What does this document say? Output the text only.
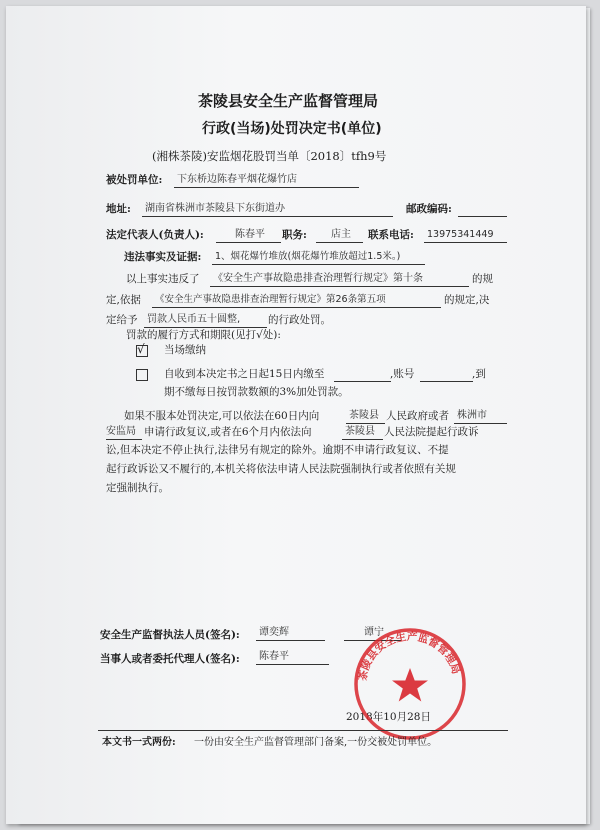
茶陵县安全生产监督管理局
行政(当场)处罚决定书(单位)
(湘株茶陵)安监烟花股罚当单〔2018〕tfh9号
被处罚单位:	下东桥边陈春平烟花爆竹店
地址:	湖南省株洲市茶陵县下东街道办	邮政编码:
法定代表人(负责人):	陈春平	职务:	店主	联系电话:	13975341449
违法事实及证据:	1、烟花爆竹堆放(烟花爆竹堆放超过1.5米。)
以上事实违反了	《安全生产事故隐患排查治理暂行规定》第十条	的规
定,依据	《安全生产事故隐患排查治理暂行规定》第26条第五项	的规定,决
定给予 罚款人民币五十圆整,	的行政处罚。
罚款的履行方式和期限(见打√处):
√ 当场缴纳
自收到本决定书之日起15日内缴至	,账号	,到
期不缴每日按罚款数额的3%加处罚款。
如果不服本处罚决定,可以依法在60日内向	茶陵县 人民政府或者 株洲市
安监局 申请行政复议,或者在6个月内依法向	茶陵县 人民法院提起行政诉
讼,但本决定不停止执行,法律另有规定的除外。逾期不申请行政复议、不提
起行政诉讼又不履行的,本机关将依法申请人民法院强制执行或者依照有关规
定强制执行。
安全生产监督执法人员(签名):	谭奕辉	谭宁
当事人或者委托代理人(签名):	陈春平
2018年10月28日
茶陵县安全生产监督管理局
本文书一式两份: 一份由安全生产监督管理部门备案,一份交被处罚单位。
